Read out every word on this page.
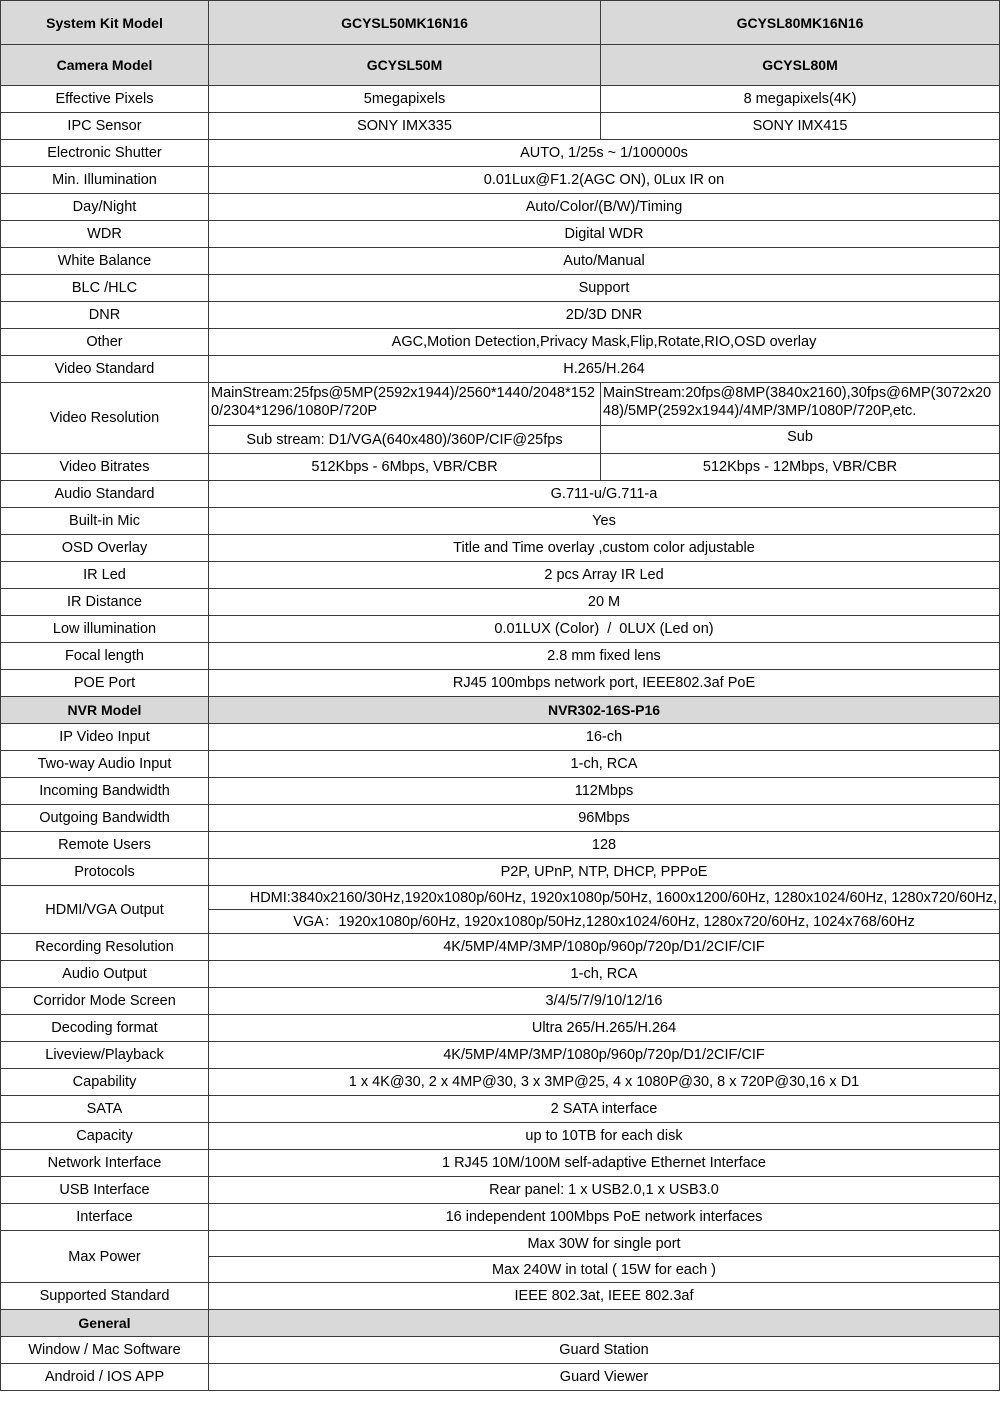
System Kit Model	GCYSL50MK16N16	GCYSL80MK16N16
Camera Model	GCYSL50M	GCYSL80M
Effective Pixels	5megapixels	8 megapixels(4K)
IPC Sensor	SONY IMX335	SONY IMX415
Electronic Shutter	AUTO, 1/25s ~ 1/100000s	
Min. Illumination	0.01Lux@F1.2(AGC ON), 0Lux IR on	
Day/Night	Auto/Color/(B/W)/Timing	
WDR	Digital WDR	
White Balance	Auto/Manual	
BLC /HLC	Support	
DNR	2D/3D DNR	
Other	AGC,Motion Detection,Privacy Mask,Flip,Rotate,RIO,OSD overlay	
Video Standard	H.265/H.264	
Video Resolution	MainStream:25fps@5MP(2592x1944)/2560*1440/2048*1520/2304*1296/1080P/720P	MainStream:20fps@8MP(3840x2160),30fps@6MP(3072x2048)/5MP(2592x1944)/4MP/3MP/1080P/720P,etc.
	Sub stream: D1/VGA(640x480)/360P/CIF@25fps	Sub
Video Bitrates	512Kbps - 6Mbps, VBR/CBR	512Kbps - 12Mbps, VBR/CBR
Audio Standard	G.711-u/G.711-a	
Built-in Mic	Yes	
OSD Overlay	Title and Time overlay ,custom color adjustable	
IR Led	2 pcs Array IR Led	
IR Distance	20 M	
Low illumination	0.01LUX (Color)  /  0LUX (Led on)	
Focal length	2.8 mm fixed lens	
POE Port	RJ45 100mbps network port, IEEE802.3af PoE	
NVR Model	NVR302-16S-P16	
IP Video Input	16-ch	
Two-way Audio Input	1-ch, RCA	
Incoming Bandwidth	112Mbps	
Outgoing Bandwidth	96Mbps	
Remote Users	128	
Protocols	P2P, UPnP, NTP, DHCP, PPPoE	
HDMI/VGA Output	HDMI:3840x2160/30Hz,1920x1080p/60Hz, 1920x1080p/50Hz, 1600x1200/60Hz, 1280x1024/60Hz, 1280x720/60Hz,	
	VGA：1920x1080p/60Hz, 1920x1080p/50Hz,1280x1024/60Hz, 1280x720/60Hz, 1024x768/60Hz	
Recording Resolution	4K/5MP/4MP/3MP/1080p/960p/720p/D1/2CIF/CIF	
Audio Output	1-ch, RCA	
Corridor Mode Screen	3/4/5/7/9/10/12/16	
Decoding format	Ultra 265/H.265/H.264	
Liveview/Playback	4K/5MP/4MP/3MP/1080p/960p/720p/D1/2CIF/CIF	
Capability	1 x 4K@30, 2 x 4MP@30, 3 x 3MP@25, 4 x 1080P@30, 8 x 720P@30,16 x D1	
SATA	2 SATA interface	
Capacity	up to 10TB for each disk	
Network Interface	1 RJ45 10M/100M self-adaptive Ethernet Interface	
USB Interface	Rear panel: 1 x USB2.0,1 x USB3.0	
Interface	16 independent 100Mbps PoE network interfaces	
Max Power	Max 30W for single port	
	Max 240W in total ( 15W for each )	
Supported Standard	IEEE 802.3at, IEEE 802.3af	
General		
Window / Mac Software	Guard Station	
Android / IOS APP	Guard Viewer	
